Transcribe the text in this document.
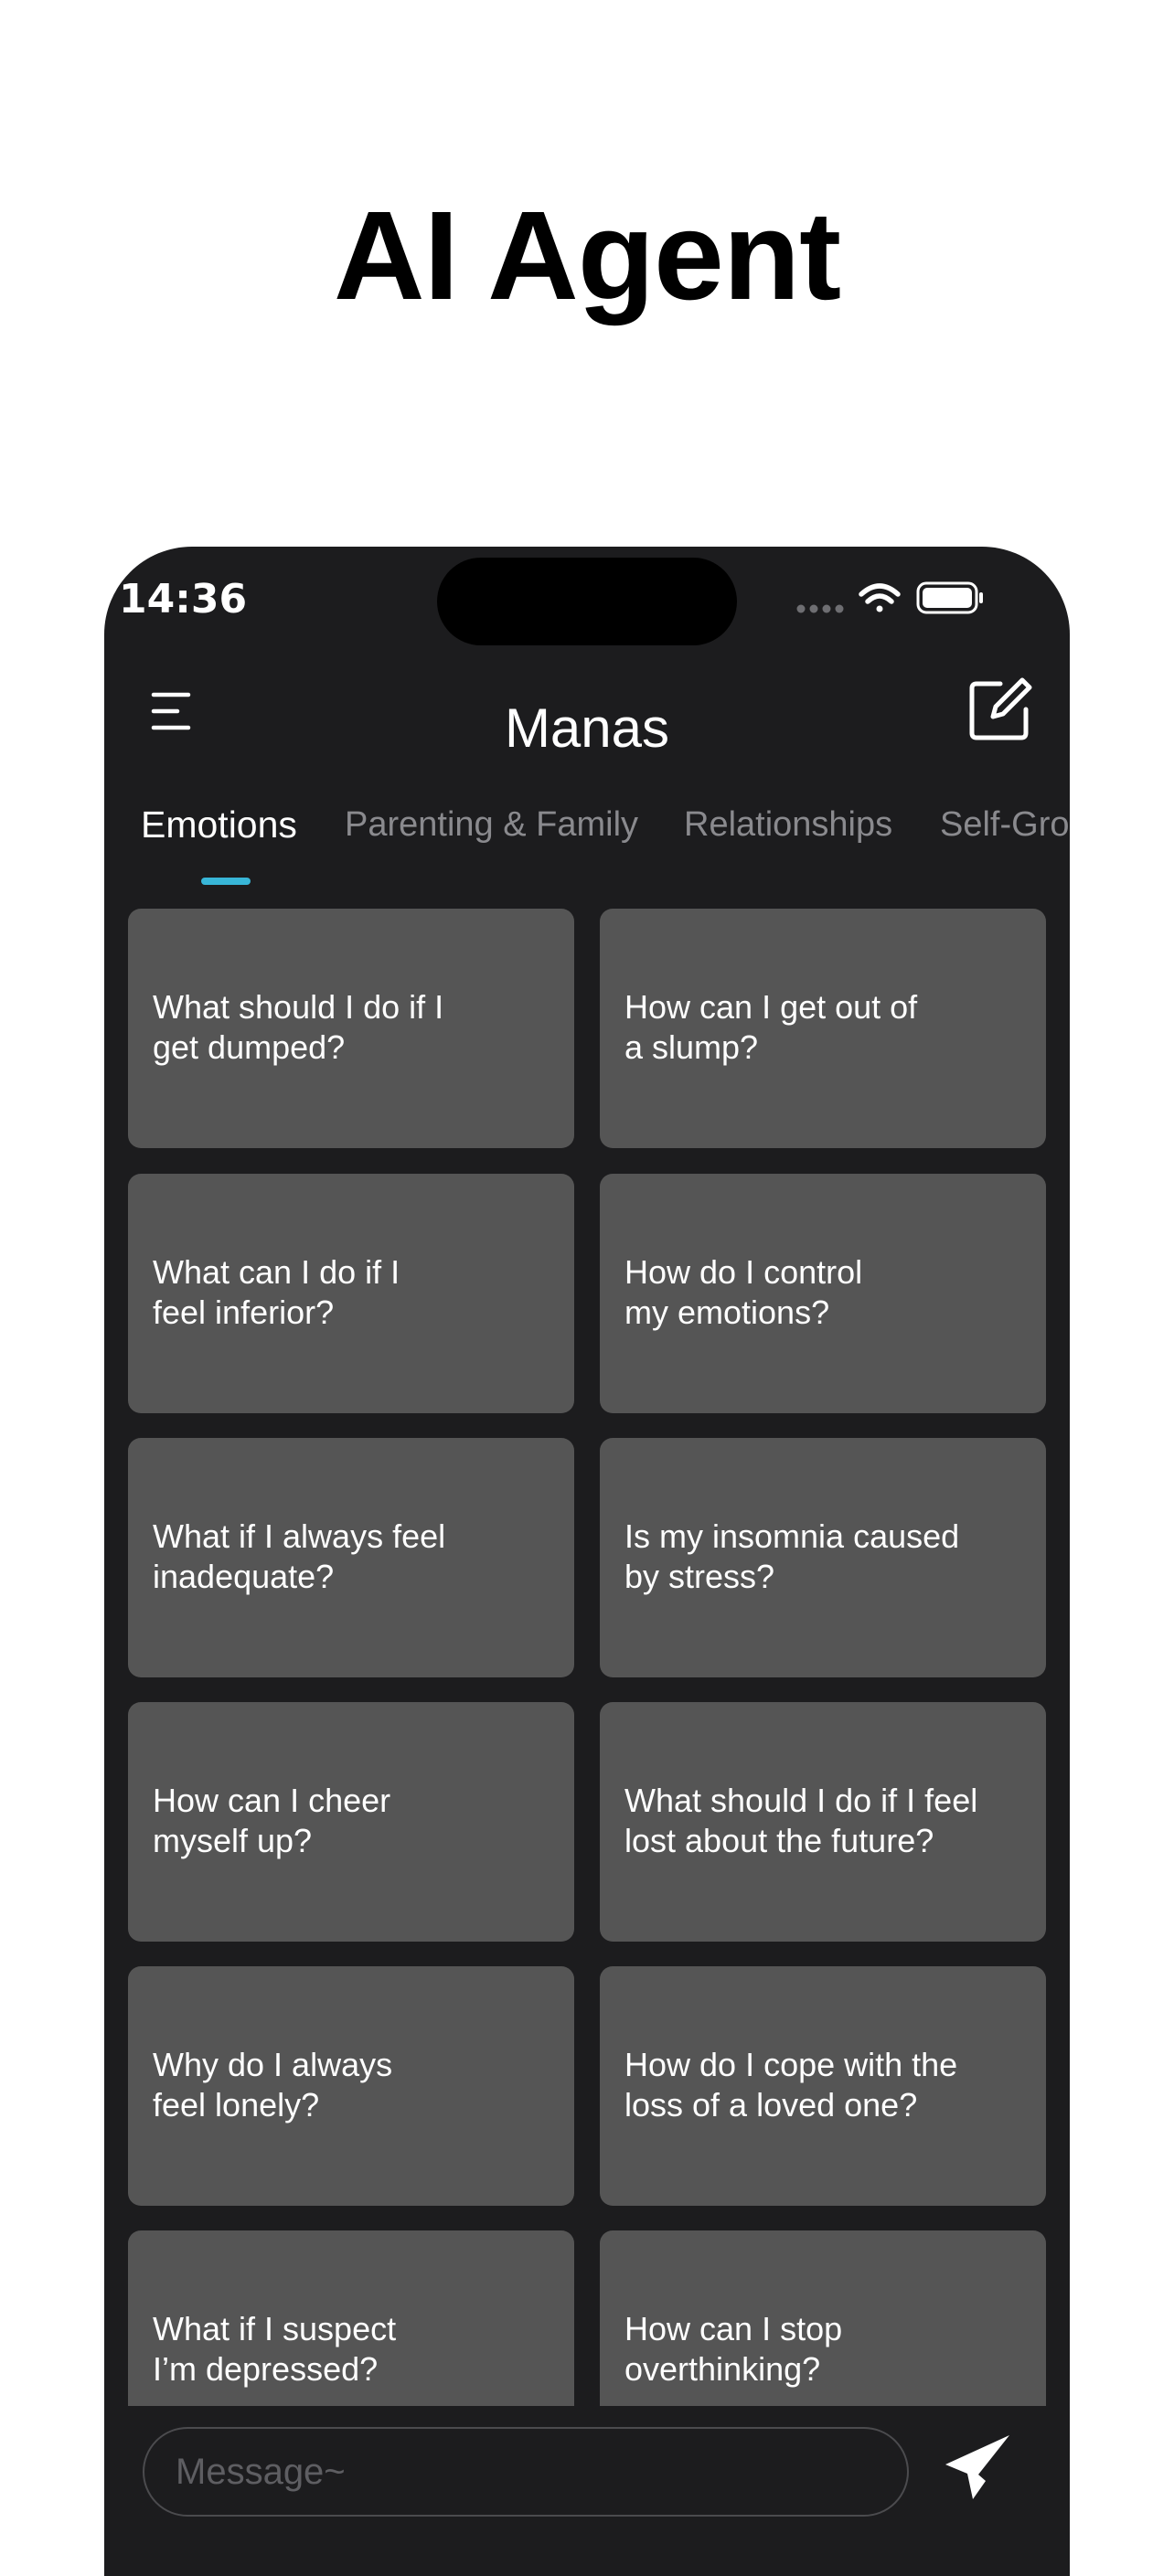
AI Agent
14:36
Manas
Emotions Parenting & Family Relationships Self-Gro
What should I do if I
get dumped?
How can I get out of
a slump?
What can I do if I
feel inferior?
How do I control
my emotions?
What if I always feel
inadequate?
Is my insomnia caused
by stress?
How can I cheer
myself up?
What should I do if I feel
lost about the future?
Why do I always
feel lonely?
How do I cope with the
loss of a loved one?
What if I suspect
I’m depressed?
How can I stop
overthinking?
Message~
